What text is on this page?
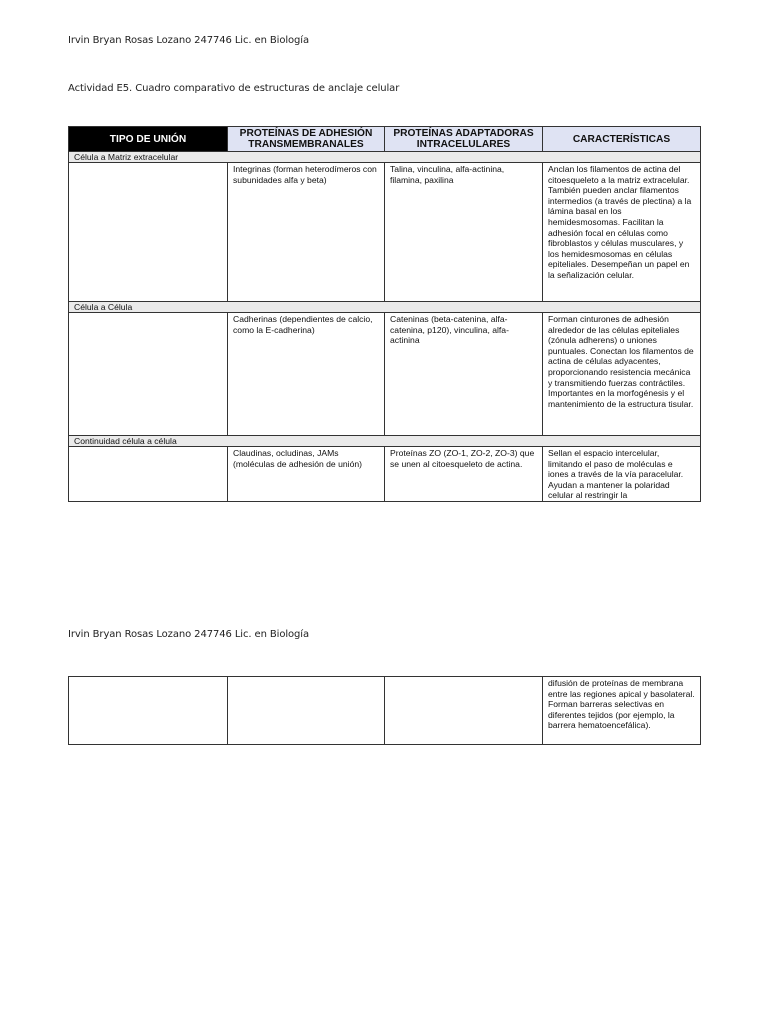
Irvin Bryan Rosas Lozano 247746 Lic. en Biología
Actividad E5. Cuadro comparativo de estructuras de anclaje celular
TIPO DE UNIÓN	PROTEÍNAS DE ADHESIÓN TRANSMEMBRANALES	PROTEÍNAS ADAPTADORAS INTRACELULARES	CARACTERÍSTICAS
Célula a Matriz extracelular			
	Integrinas (forman heterodímeros con subunidades alfa y beta)	Talina, vinculina, alfa-actinina, filamina, paxilina	Anclan los filamentos de actina del citoesqueleto a la matriz extracelular. También pueden anclar filamentos intermedios (a través de plectina) a la lámina basal en los hemidesmosomas. Facilitan la adhesión focal en células como fibroblastos y células musculares, y los hemidesmosomas en células epiteliales. Desempeñan un papel en la señalización celular.
Célula a Célula			
	Cadherinas (dependientes de calcio, como la E-cadherina)	Cateninas (beta-catenina, alfa-catenina, p120), vinculina, alfa-actinina	Forman cinturones de adhesión alrededor de las células epiteliales (zónula adherens) o uniones puntuales. Conectan los filamentos de actina de células adyacentes, proporcionando resistencia mecánica y transmitiendo fuerzas contráctiles. Importantes en la morfogénesis y el mantenimiento de la estructura tisular.
Continuidad célula a célula			
	Claudinas, ocludinas, JAMs (moléculas de adhesión de unión)	Proteínas ZO (ZO-1, ZO-2, ZO-3) que se unen al citoesqueleto de actina.	Sellan el espacio intercelular, limitando el paso de moléculas e iones a través de la vía paracelular. Ayudan a mantener la polaridad celular al restringir la
Irvin Bryan Rosas Lozano 247746 Lic. en Biología
			difusión de proteínas de membrana entre las regiones apical y basolateral. Forman barreras selectivas en diferentes tejidos (por ejemplo, la barrera hematoencefálica).
